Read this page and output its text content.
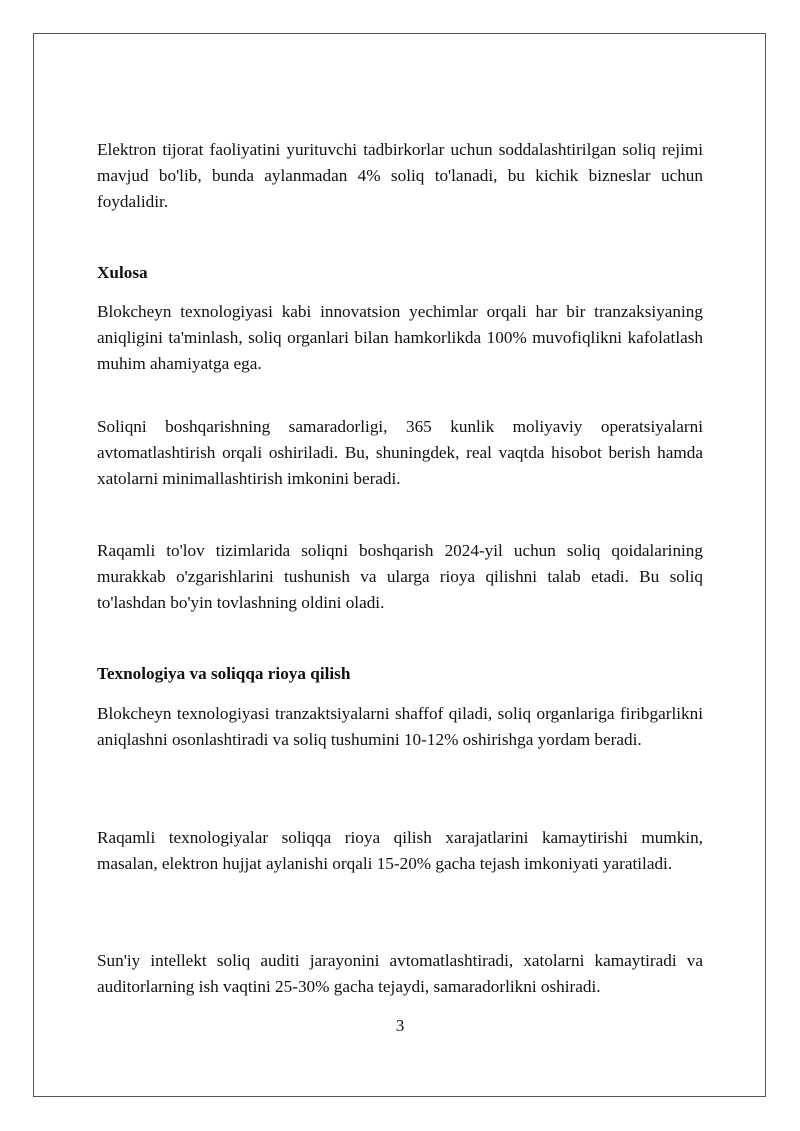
Elektron tijorat faoliyatini yurituvchi tadbirkorlar uchun soddalashtirilgan soliq rejimi mavjud bo'lib, bunda aylanmadan 4% soliq to'lanadi, bu kichik bizneslar uchun foydalidir.

Xulosa

Blokcheyn texnologiyasi kabi innovatsion yechimlar orqali har bir tranzaksiyaning aniqligini ta'minlash, soliq organlari bilan hamkorlikda 100% muvofiqlikni kafolatlash muhim ahamiyatga ega.

Soliqni boshqarishning samaradorligi, 365 kunlik moliyaviy operatsiyalarni avtomatlashtirish orqali oshiriladi. Bu, shuningdek, real vaqtda hisobot berish hamda xatolarni minimallashtirish imkonini beradi.

Raqamli to'lov tizimlarida soliqni boshqarish 2024-yil uchun soliq qoidalarining murakkab o'zgarishlarini tushunish va ularga rioya qilishni talab etadi. Bu soliq to'lashdan bo'yin tovlashning oldini oladi.

Texnologiya va soliqqa rioya qilish

Blokcheyn texnologiyasi tranzaktsiyalarni shaffof qiladi, soliq organlariga firibgarlikni aniqlashni osonlashtiradi va soliq tushumini 10-12% oshirishga yordam beradi.

Raqamli texnologiyalar soliqqa rioya qilish xarajatlarini kamaytirishi mumkin, masalan, elektron hujjat aylanishi orqali 15-20% gacha tejash imkoniyati yaratiladi.

Sun'iy intellekt soliq auditi jarayonini avtomatlashtiradi, xatolarni kamaytiradi va auditorlarning ish vaqtini 25-30% gacha tejaydi, samaradorlikni oshiradi.

3
